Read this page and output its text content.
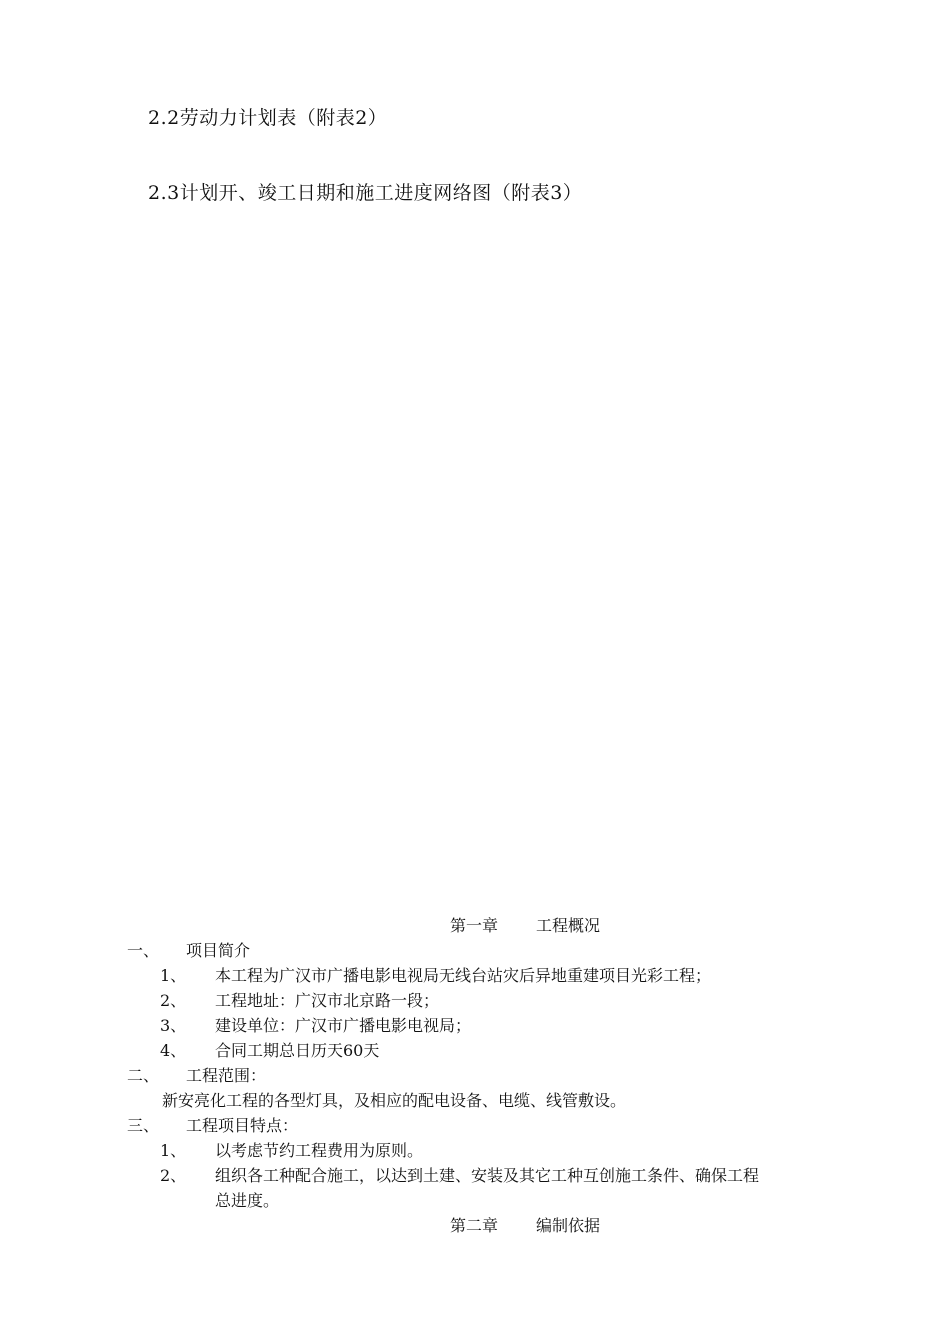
2.2劳动力计划表（附表2）
2.3计划开、竣工日期和施工进度网络图（附表3）
第一章 工程概况
一、 项目简介
1、 本工程为广汉市广播电影电视局无线台站灾后异地重建项目光彩工程；
2、 工程地址：广汉市北京路一段；
3、 建设单位：广汉市广播电影电视局；
4、 合同工期总日历天60天
二、 工程范围：
新安亮化工程的各型灯具，及相应的配电设备、电缆、线管敷设。
三、 工程项目特点：
1、 以考虑节约工程费用为原则。
2、 组织各工种配合施工，以达到土建、安装及其它工种互创施工条件、确保工程
总进度。
第二章 编制依据
